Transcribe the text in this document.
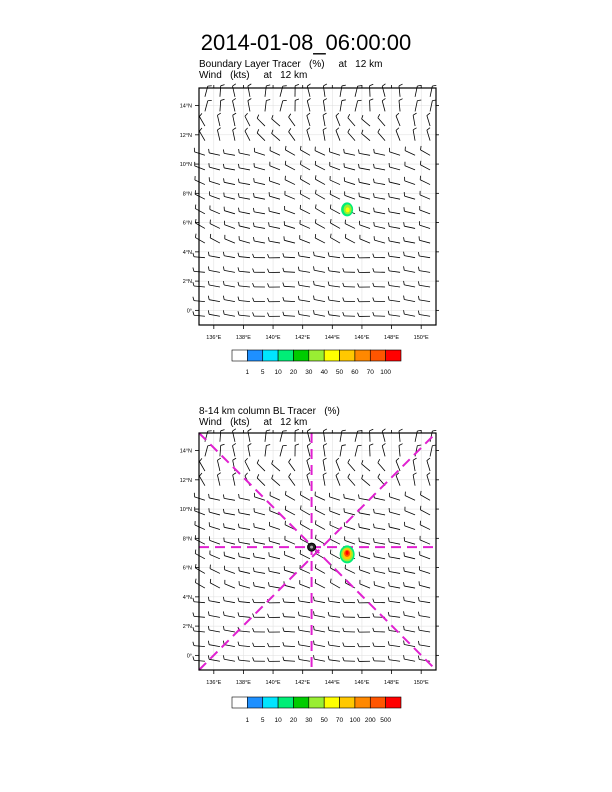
2014-01-08_06:00:00
Boundary Layer Tracer   (%)     at   12 km
Wind   (kts)     at   12 km
8-14 km column BL Tracer   (%)
Wind   (kts)     at   12 km
136°E	138°E	140°E	142°E	144°E	146°E	148°E	150°E
0°
2°N
4°N
6°N
8°N
10°N
12°N
14°N
1 5 10 20 30 40 50 60 70 100
136°E	138°E	140°E	142°E	144°E	146°E	148°E	150°E
0°
2°N
4°N
6°N
8°N
10°N
12°N
14°N
1 5 10 20 30 50 70 100 200 500
